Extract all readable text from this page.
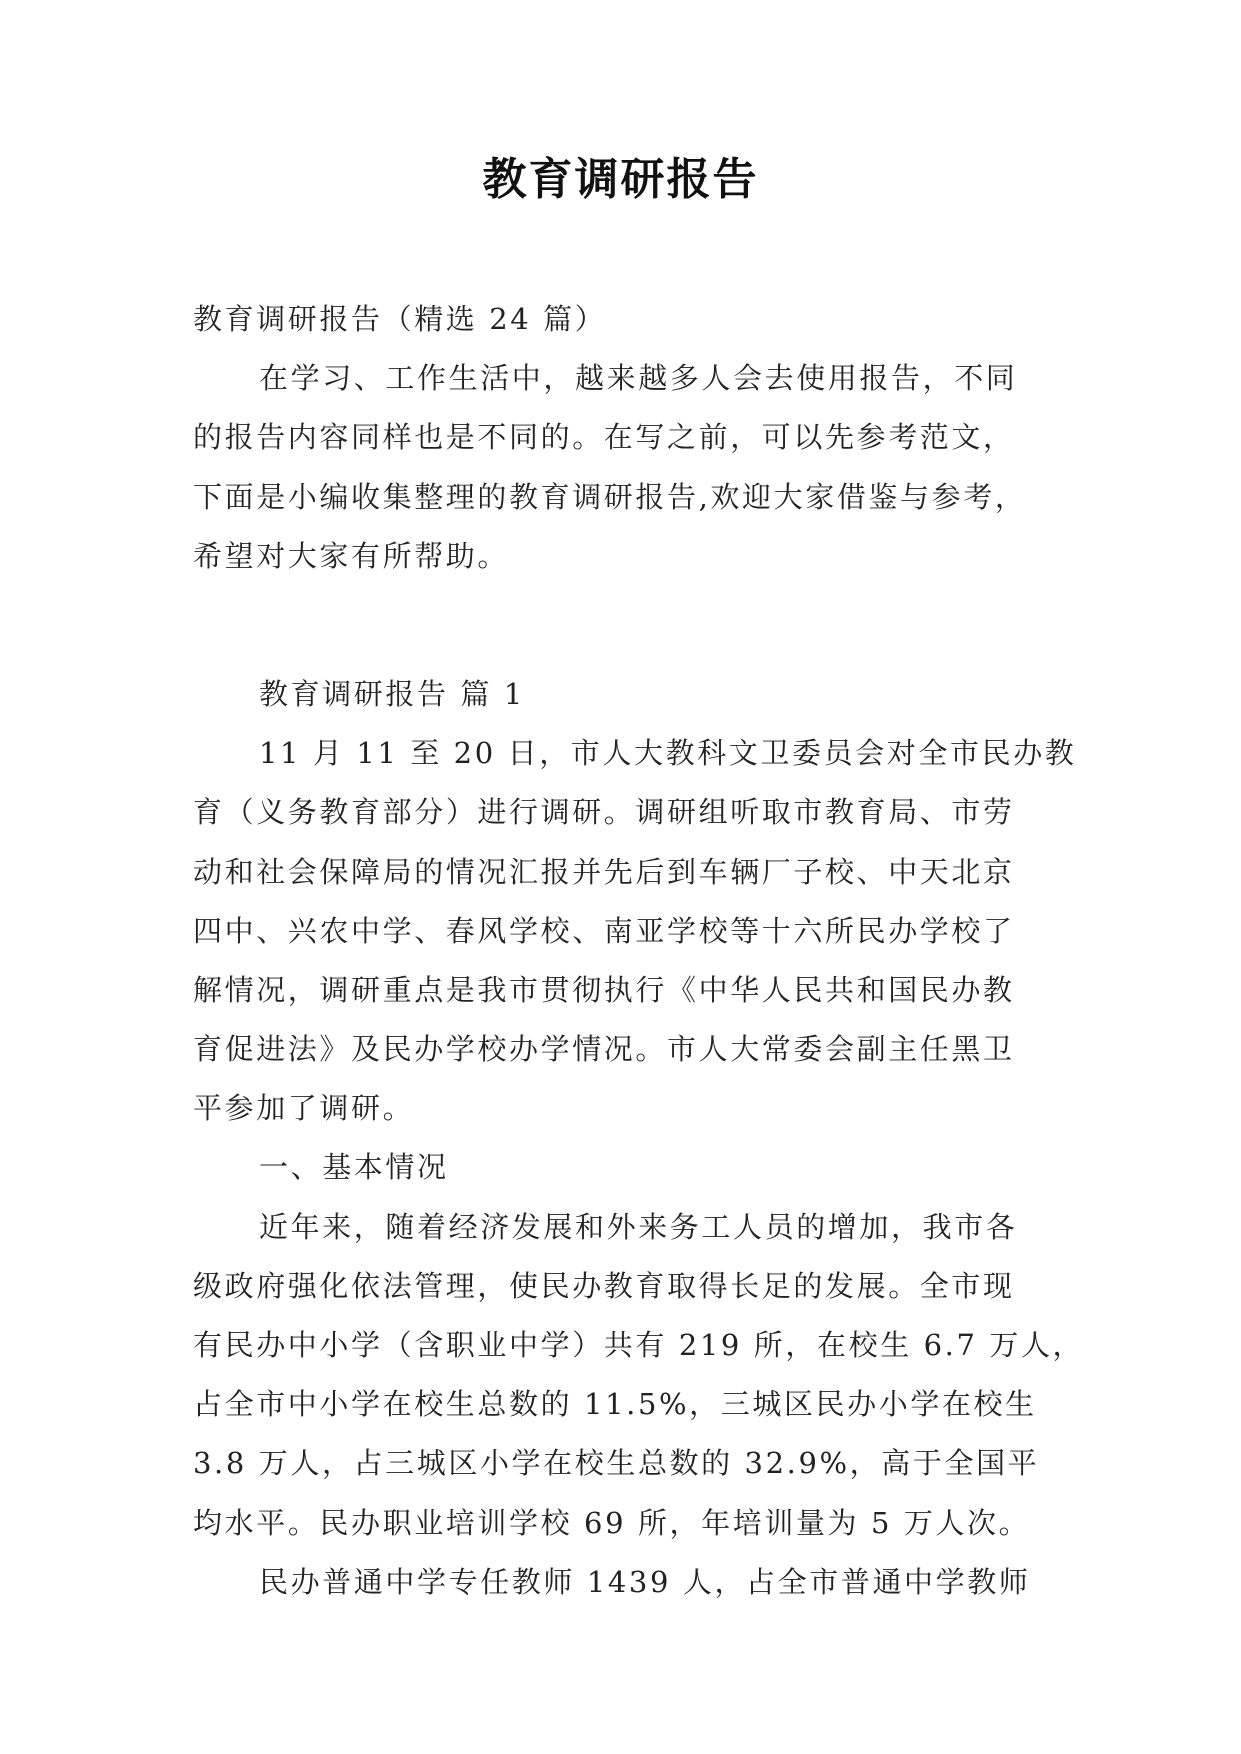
教育调研报告
教育调研报告（精选 24 篇）
在学习、工作生活中，越来越多人会去使用报告，不同
的报告内容同样也是不同的。在写之前，可以先参考范文，
下面是小编收集整理的教育调研报告,欢迎大家借鉴与参考，
希望对大家有所帮助。
教育调研报告 篇 1
11 月 11 至 20 日，市人大教科文卫委员会对全市民办教
育（义务教育部分）进行调研。调研组听取市教育局、市劳
动和社会保障局的情况汇报并先后到车辆厂子校、中天北京
四中、兴农中学、春风学校、南亚学校等十六所民办学校了
解情况，调研重点是我市贯彻执行《中华人民共和国民办教
育促进法》及民办学校办学情况。市人大常委会副主任黑卫
平参加了调研。
一、基本情况
近年来，随着经济发展和外来务工人员的增加，我市各
级政府强化依法管理，使民办教育取得长足的发展。全市现
有民办中小学（含职业中学）共有 219 所，在校生 6.7 万人，
占全市中小学在校生总数的 11.5%，三城区民办小学在校生
3.8 万人，占三城区小学在校生总数的 32.9%，高于全国平
均水平。民办职业培训学校 69 所，年培训量为 5 万人次。
民办普通中学专任教师 1439 人，占全市普通中学教师
